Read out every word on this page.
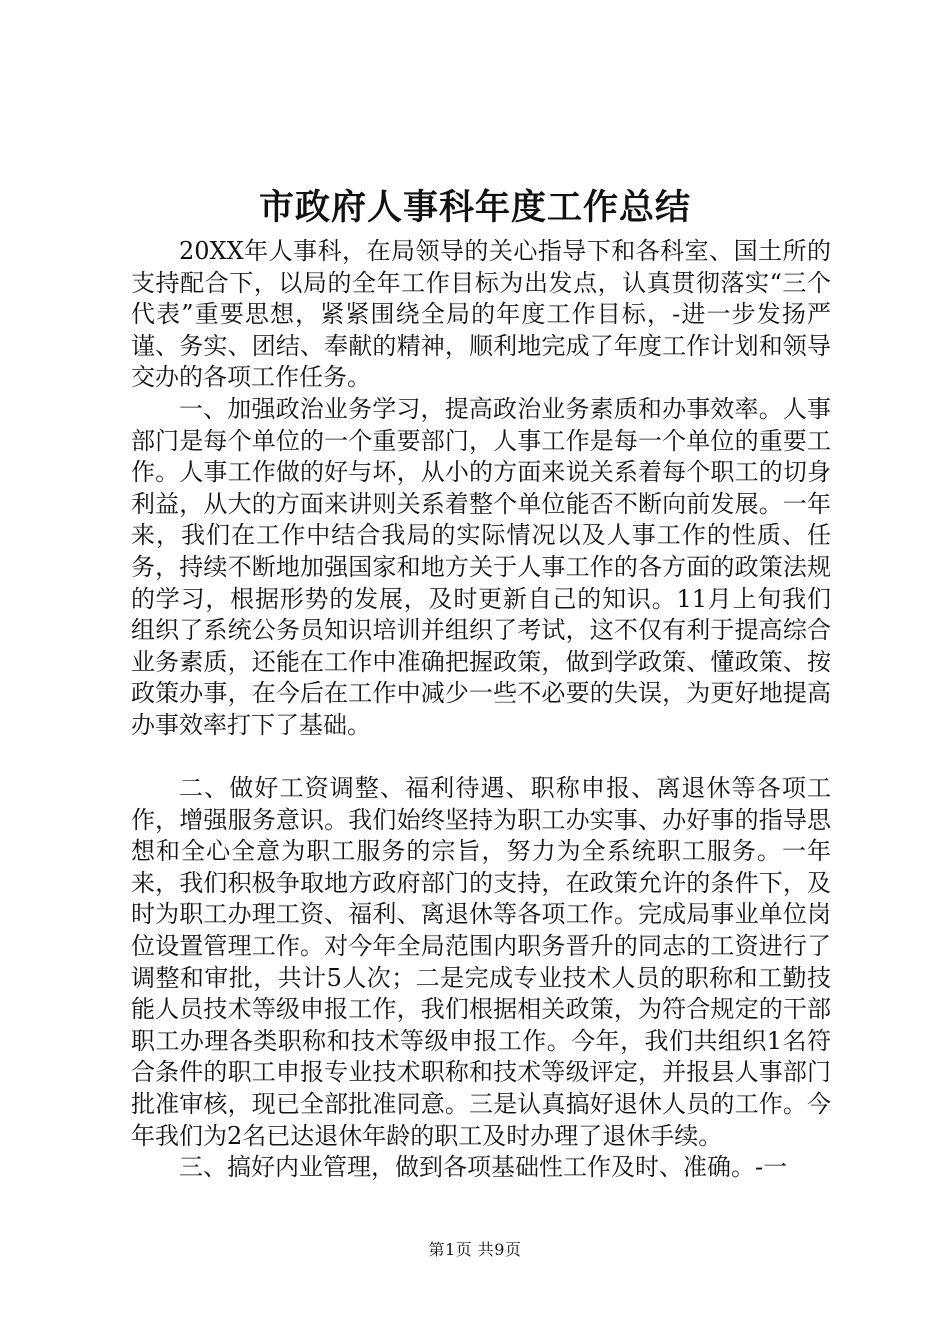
市政府人事科年度工作总结

20XX年人事科，在局领导的关心指导下和各科室、国土所的支持配合下，以局的全年工作目标为出发点，认真贯彻落实“三个代表”重要思想，紧紧围绕全局的年度工作目标，-进一步发扬严谨、务实、团结、奉献的精神，顺利地完成了年度工作计划和领导交办的各项工作任务。

一、加强政治业务学习，提高政治业务素质和办事效率。人事部门是每个单位的一个重要部门，人事工作是每一个单位的重要工作。人事工作做的好与坏，从小的方面来说关系着每个职工的切身利益，从大的方面来讲则关系着整个单位能否不断向前发展。一年来，我们在工作中结合我局的实际情况以及人事工作的性质、任务，持续不断地加强国家和地方关于人事工作的各方面的政策法规的学习，根据形势的发展，及时更新自己的知识。11月上旬我们组织了系统公务员知识培训并组织了考试，这不仅有利于提高综合业务素质，还能在工作中准确把握政策，做到学政策、懂政策、按政策办事，在今后在工作中减少一些不必要的失误，为更好地提高办事效率打下了基础。

二、做好工资调整、福利待遇、职称申报、离退休等各项工作，增强服务意识。我们始终坚持为职工办实事、办好事的指导思想和全心全意为职工服务的宗旨，努力为全系统职工服务。一年来，我们积极争取地方政府部门的支持，在政策允许的条件下，及时为职工办理工资、福利、离退休等各项工作。完成局事业单位岗位设置管理工作。对今年全局范围内职务晋升的同志的工资进行了调整和审批，共计5人次；二是完成专业技术人员的职称和工勤技能人员技术等级申报工作，我们根据相关政策，为符合规定的干部职工办理各类职称和技术等级申报工作。今年，我们共组织1名符合条件的职工申报专业技术职称和技术等级评定，并报县人事部门批准审核，现已全部批准同意。三是认真搞好退休人员的工作。今年我们为2名已达退休年龄的职工及时办理了退休手续。

三、搞好内业管理，做到各项基础性工作及时、准确。-一

第1页 共9页
